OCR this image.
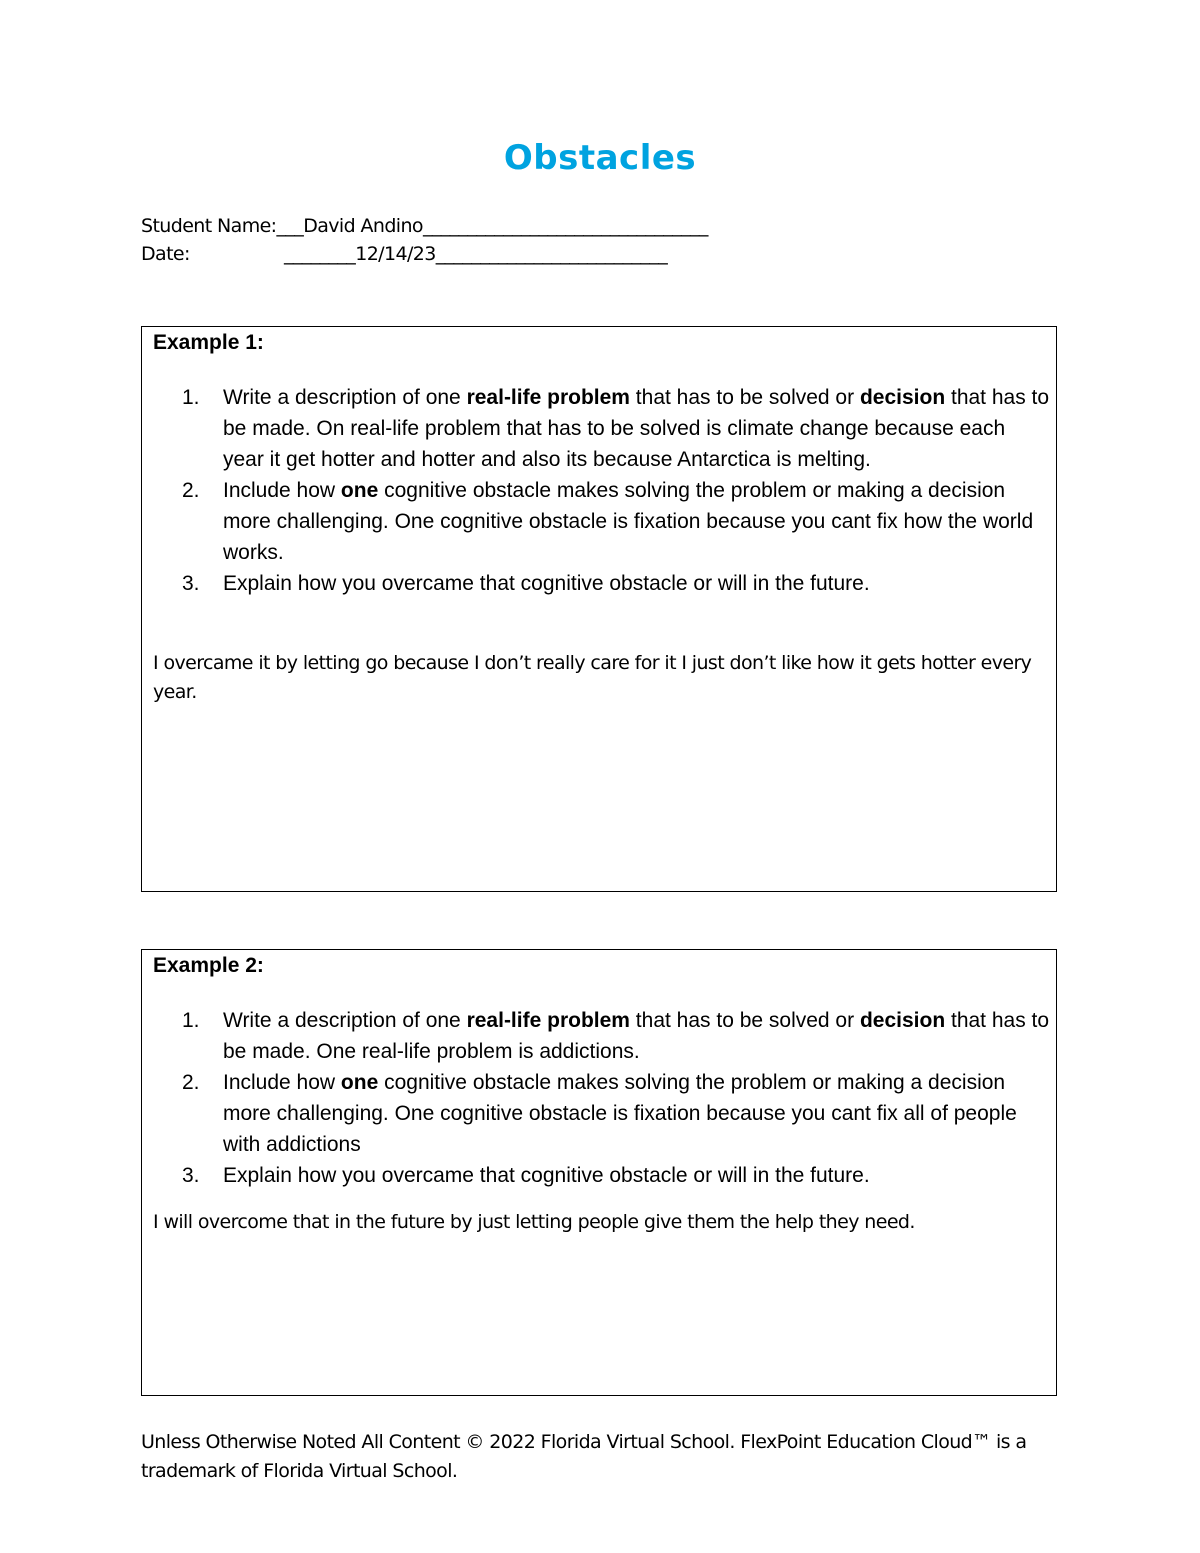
Obstacles
Student Name:___David Andino________________________________
Date:	________12/14/23__________________________
Example 1:
1.	Write a description of one real-life problem that has to be solved or decision that has to be made. On real-life problem that has to be solved is climate change because each year it get hotter and hotter and also its because Antarctica is melting.
2.	Include how one cognitive obstacle makes solving the problem or making a decision more challenging. One cognitive obstacle is fixation because you cant fix how the world works.
3.	Explain how you overcame that cognitive obstacle or will in the future.
I overcame it by letting go because I don’t really care for it I just don’t like how it gets hotter every year.
Example 2:
1.	Write a description of one real-life problem that has to be solved or decision that has to be made. One real-life problem is addictions.
2.	Include how one cognitive obstacle makes solving the problem or making a decision more challenging. One cognitive obstacle is fixation because you cant fix all of people with addictions
3.	Explain how you overcame that cognitive obstacle or will in the future.
I will overcome that in the future by just letting people give them the help they need.
Unless Otherwise Noted All Content © 2022 Florida Virtual School. FlexPoint Education Cloud™ is a trademark of Florida Virtual School.
